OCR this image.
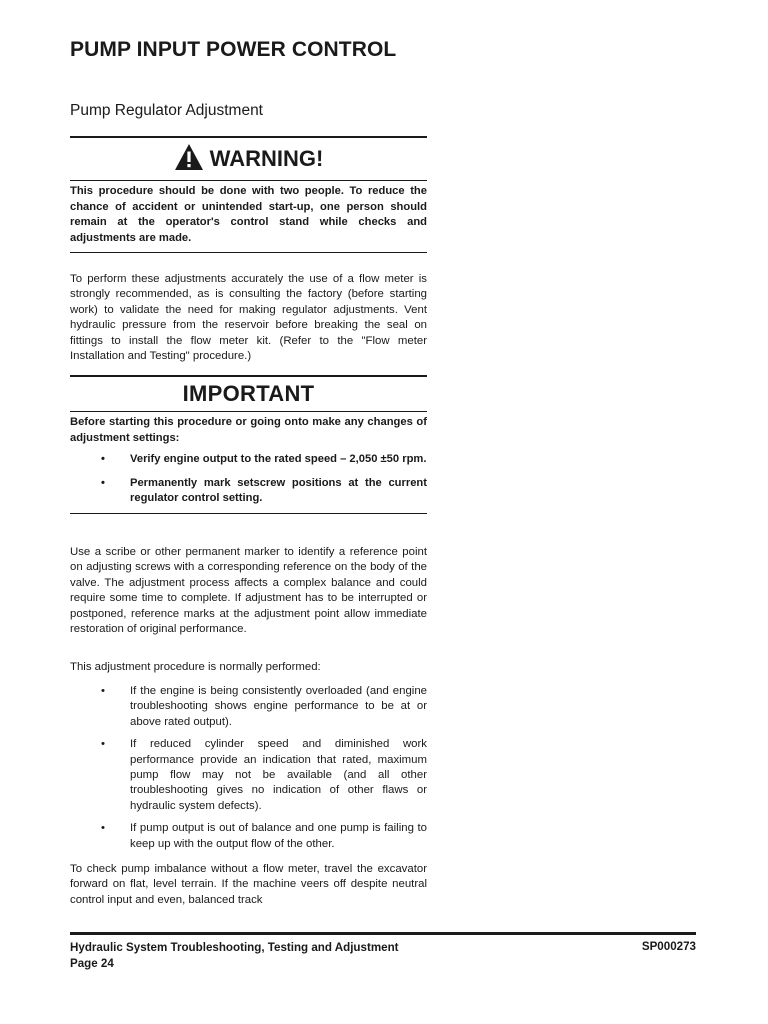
PUMP INPUT POWER CONTROL
Pump Regulator Adjustment
WARNING!

This procedure should be done with two people. To reduce the chance of accident or unintended start-up, one person should remain at the operator's control stand while checks and adjustments are made.

To perform these adjustments accurately the use of a flow meter is strongly recommended, as is consulting the factory (before starting work) to validate the need for making regulator adjustments. Vent hydraulic pressure from the reservoir before breaking the seal on fittings to install the flow meter kit. (Refer to the "Flow meter Installation and Testing" procedure.)

IMPORTANT

Before starting this procedure or going onto make any changes of adjustment settings:

• Verify engine output to the rated speed – 2,050 ±50 rpm.
• Permanently mark setscrew positions at the current regulator control setting.

Use a scribe or other permanent marker to identify a reference point on adjusting screws with a corresponding reference on the body of the valve. The adjustment process affects a complex balance and could require some time to complete. If adjustment has to be interrupted or postponed, reference marks at the adjustment point allow immediate restoration of original performance.

This adjustment procedure is normally performed:

• If the engine is being consistently overloaded (and engine troubleshooting shows engine performance to be at or above rated output).
• If reduced cylinder speed and diminished work performance provide an indication that rated, maximum pump flow may not be available (and all other troubleshooting gives no indication of other flaws or hydraulic system defects).
• If pump output is out of balance and one pump is failing to keep up with the output flow of the other.

To check pump imbalance without a flow meter, travel the excavator forward on flat, level terrain. If the machine veers off despite neutral control input and even, balanced track

Hydraulic System Troubleshooting, Testing and Adjustment
Page 24
SP000273
